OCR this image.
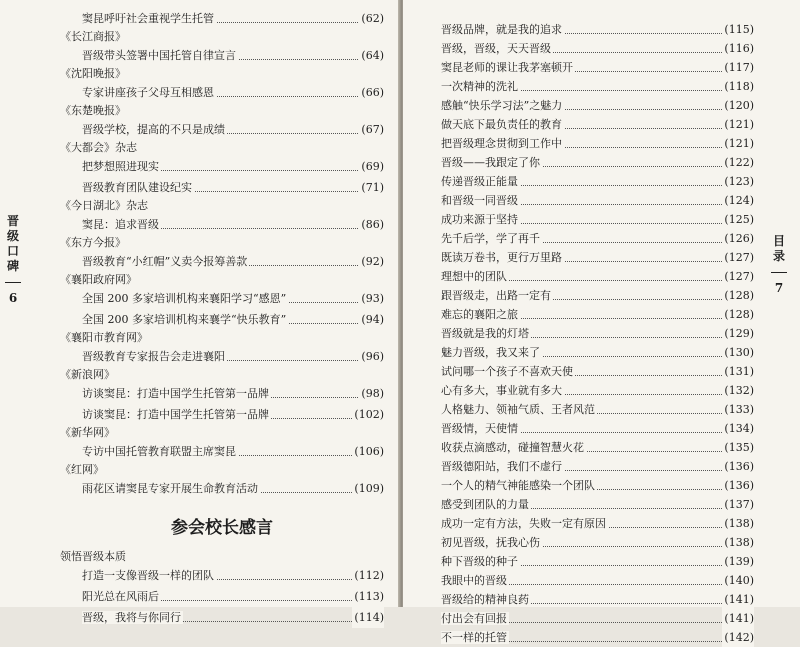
晋级口碑
6
窦昆呼吁社会重视学生托管	(62)
《长江商报》
晋级带头签署中国托管自律宣言	(64)
《沈阳晚报》
专家讲座孩子父母互相感恩	(66)
《东楚晚报》
晋级学校，提高的不只是成绩	(67)
《大都会》杂志
把梦想照进现实	(69)
晋级教育团队建设纪实	(71)
《今日湖北》杂志
窦昆：追求晋级	(86)
《东方今报》
晋级教育“小红帽”义卖今报筹善款	(92)
《襄阳政府网》
全国 200 多家培训机构来襄阳学习“感恩”	(93)
全国 200 多家培训机构来襄学“快乐教育”	(94)
《襄阳市教育网》
晋级教育专家报告会走进襄阳	(96)
《新浪网》
访谈窦昆：打造中国学生托管第一品牌	(98)
访谈窦昆：打造中国学生托管第一品牌	(102)
《新华网》
专访中国托管教育联盟主席窦昆	(106)
《红网》
雨花区请窦昆专家开展生命教育活动	(109)
参会校长感言
领悟晋级本质
打造一支像晋级一样的团队	(112)
阳光总在风雨后	(113)
晋级，我将与你同行	(114)
晋级品牌，就是我的追求	(115)
晋级，晋级，天天晋级	(116)
窦昆老师的课让我茅塞顿开	(117)
一次精神的洗礼	(118)
感触“快乐学习法”之魅力	(120)
做天底下最负责任的教育	(121)
把晋级理念贯彻到工作中	(121)
晋级——我跟定了你	(122)
传递晋级正能量	(123)
和晋级一同晋级	(124)
成功来源于坚持	(125)
先千后学，学了再千	(126)
既读万卷书，更行万里路	(127)
理想中的团队	(127)
跟晋级走，出路一定有	(128)
难忘的襄阳之旅	(128)
晋级就是我的灯塔	(129)
魅力晋级，我又来了	(130)
试问哪一个孩子不喜欢天使	(131)
心有多大，事业就有多大	(132)
人格魅力、领袖气质、王者风范	(133)
晋级情，天使情	(134)
收获点滴感动，碰撞智慧火花	(135)
晋级德阳站，我们不虚行	(136)
一个人的精气神能感染一个团队	(136)
感受到团队的力量	(137)
成功一定有方法，失败一定有原因	(138)
初见晋级，抚我心伤	(138)
种下晋级的种子	(139)
我眼中的晋级	(140)
晋级给的精神良药	(141)
付出会有回报	(141)
不一样的托管	(142)
目录
7
